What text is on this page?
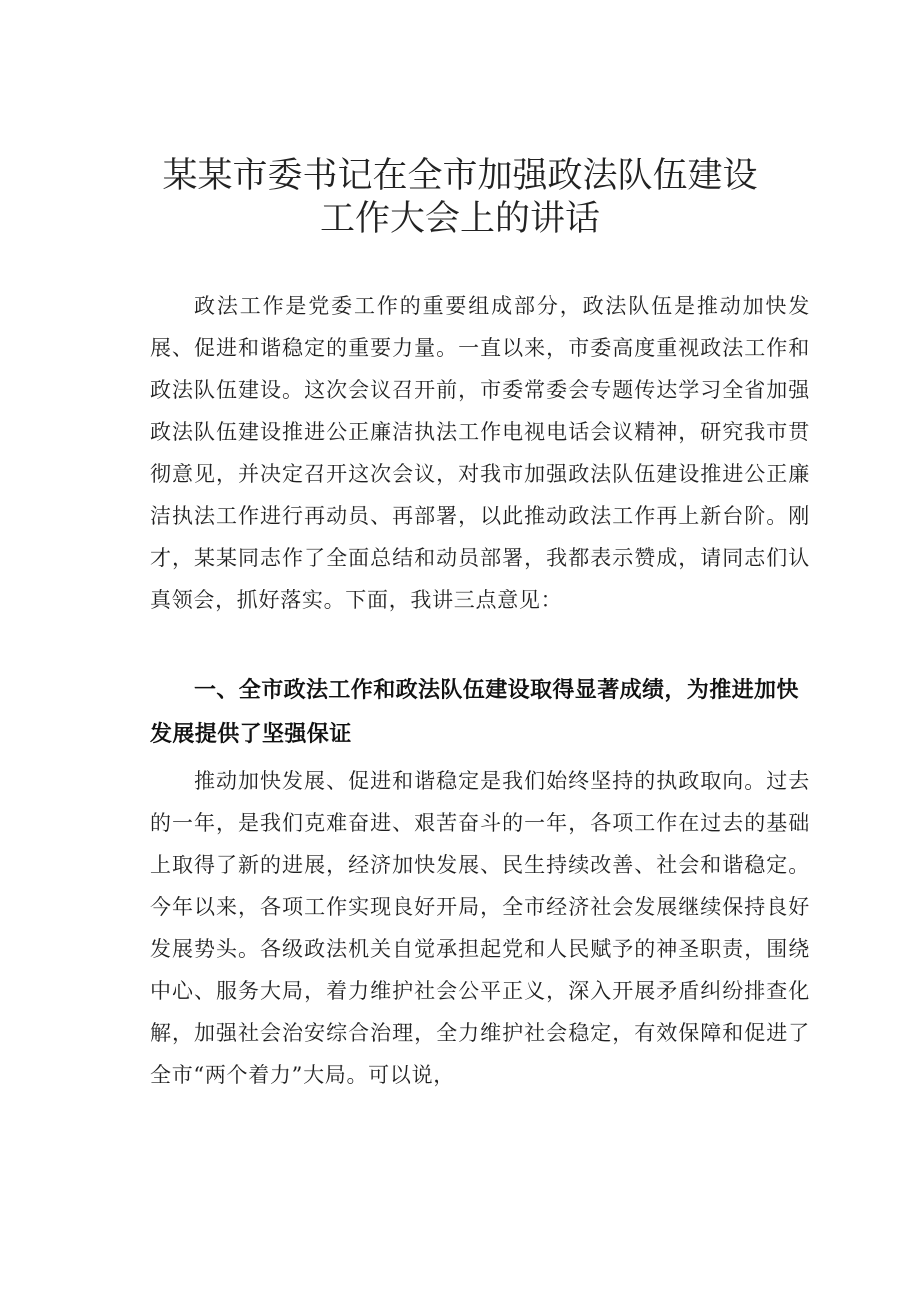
某某市委书记在全市加强政法队伍建设
工作大会上的讲话

政法工作是党委工作的重要组成部分，政法队伍是推动加快发展、促进和谐稳定的重要力量。一直以来，市委高度重视政法工作和政法队伍建设。这次会议召开前，市委常委会专题传达学习全省加强政法队伍建设推进公正廉洁执法工作电视电话会议精神，研究我市贯彻意见，并决定召开这次会议，对我市加强政法队伍建设推进公正廉洁执法工作进行再动员、再部署，以此推动政法工作再上新台阶。刚才，某某同志作了全面总结和动员部署，我都表示赞成，请同志们认真领会，抓好落实。下面，我讲三点意见：

一、全市政法工作和政法队伍建设取得显著成绩，为推进加快发展提供了坚强保证

推动加快发展、促进和谐稳定是我们始终坚持的执政取向。过去的一年，是我们克难奋进、艰苦奋斗的一年，各项工作在过去的基础上取得了新的进展，经济加快发展、民生持续改善、社会和谐稳定。今年以来，各项工作实现良好开局，全市经济社会发展继续保持良好发展势头。各级政法机关自觉承担起党和人民赋予的神圣职责，围绕中心、服务大局，着力维护社会公平正义，深入开展矛盾纠纷排查化解，加强社会治安综合治理，全力维护社会稳定，有效保障和促进了全市“两个着力”大局。可以说，
